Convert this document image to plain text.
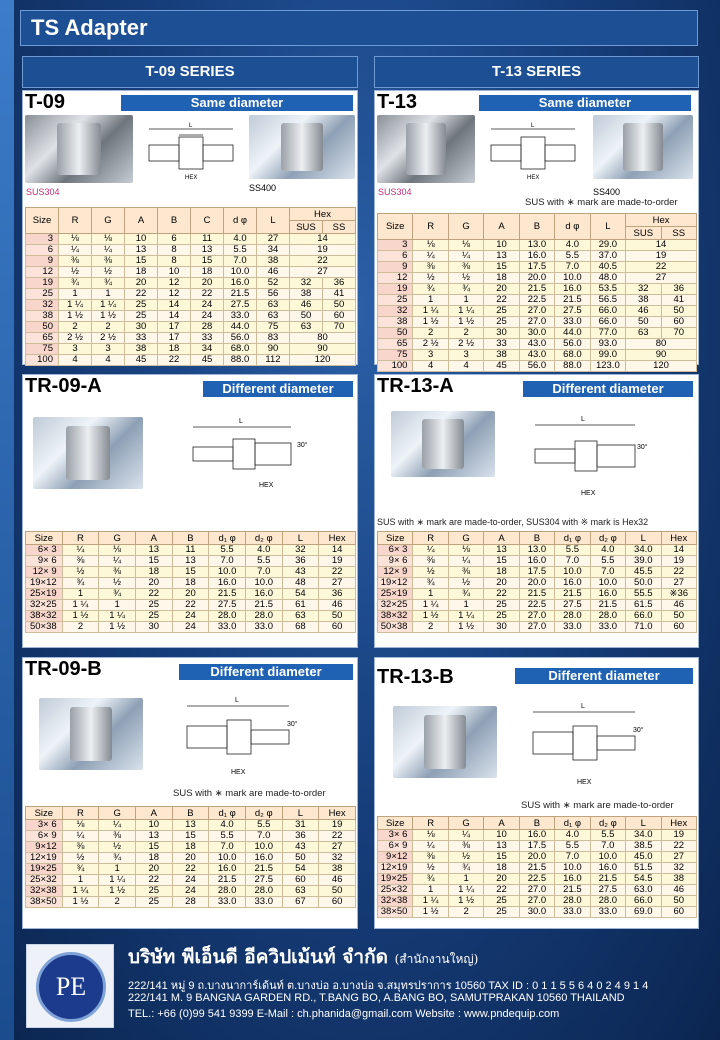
TS Adapter
T-09 SERIES	T-13 SERIES
T-09	Same diameter
L
HEX
SUS304	SS400
Size	R	G	A	B	C	d φ	L	Hex	
								SUS	SS
3	⅛	⅛	10	6	11	4.0	27	14	
6	¼	¼	13	8	13	5.5	34	19	
9	⅜	⅜	15	8	15	7.0	38	22	
12	½	½	18	10	18	10.0	46	27	
19	¾	¾	20	12	20	16.0	52	32	36
25	1	1	22	12	22	21.5	56	38	41
32	1 ¼	1 ¼	25	14	24	27.5	63	46	50
38	1 ½	1 ½	25	14	24	33.0	63	50	60
50	2	2	30	17	28	44.0	75	63	70
65	2 ½	2 ½	33	17	33	56.0	83	80	
75	3	3	38	18	34	68.0	90	90	
100	4	4	45	22	45	88.0	112	120	
T-13	Same diameter
L
HEX
SUS304	SS400
SUS with ∗ mark are made-to-order
Size	R	G	A	B	d φ	L	Hex	
							SUS	SS
3	⅛	⅛	10	13.0	4.0	29.0	14	
6	¼	¼	13	16.0	5.5	37.0	19	
9	⅜	⅜	15	17.5	7.0	40.5	22	
12	½	½	18	20.0	10.0	48.0	27	
19	¾	¾	20	21.5	16.0	53.5	32	36
25	1	1	22	22.5	21.5	56.5	38	41
32	1 ¼	1 ¼	25	27.0	27.5	66.0	46	50
38	1 ½	1 ½	25	27.0	33.0	66.0	50	60
50	2	2	30	30.0	44.0	77.0	63	70
65	2 ½	2 ½	33	43.0	56.0	93.0	80	
75	3	3	38	43.0	68.0	99.0	90	
100	4	4	45	56.0	88.0	123.0	120	
TR-09-A	Different diameter
L
HEX
30°
Size	R	G	A	B	d₁ φ	d₂ φ	L	Hex
6× 3	¼	⅛	13	11	5.5	4.0	32	14
9× 6	⅜	¼	15	13	7.0	5.5	36	19
12× 9	½	⅜	18	15	10.0	7.0	43	22
19×12	¾	½	20	18	16.0	10.0	48	27
25×19	1	¾	22	20	21.5	16.0	54	36
32×25	1 ¼	1	25	22	27.5	21.5	61	46
38×32	1 ½	1 ¼	25	24	28.0	28.0	63	50
50×38	2	1 ½	30	24	33.0	33.0	68	60
TR-13-A	Different diameter
L
HEX
30°
SUS with ∗ mark are made-to-order, SUS304 with ※ mark is Hex32
Size	R	G	A	B	d₁ φ	d₂ φ	L	Hex
6× 3	¼	⅛	13	13.0	5.5	4.0	34.0	14
9× 6	⅜	¼	15	16.0	7.0	5.5	39.0	19
12× 9	½	⅜	18	17.5	10.0	7.0	45.5	22
19×12	¾	½	20	20.0	16.0	10.0	50.0	27
25×19	1	¾	22	21.5	21.5	16.0	55.5	※36
32×25	1 ¼	1	25	22.5	27.5	21.5	61.5	46
38×32	1 ½	1 ¼	25	27.0	28.0	28.0	66.0	50
50×38	2	1 ½	30	27.0	33.0	33.0	71.0	60
TR-09-B	Different diameter
L
HEX
30°
SUS with ∗ mark are made-to-order
Size	R	G	A	B	d₁ φ	d₂ φ	L	Hex
3× 6	⅛	¼	10	13	4.0	5.5	31	19
6× 9	¼	⅜	13	15	5.5	7.0	36	22
9×12	⅜	½	15	18	7.0	10.0	43	27
12×19	½	¾	18	20	10.0	16.0	50	32
19×25	¾	1	20	22	16.0	21.5	54	38
25×32	1	1 ¼	22	24	21.5	27.5	60	46
32×38	1 ¼	1 ½	25	24	28.0	28.0	63	50
38×50	1 ½	2	25	28	33.0	33.0	67	60
TR-13-B	Different diameter
L
HEX
30°
SUS with ∗ mark are made-to-order
Size	R	G	A	B	d₁ φ	d₂ φ	L	Hex
3× 6	⅛	¼	10	16.0	4.0	5.5	34.0	19
6× 9	¼	⅜	13	17.5	5.5	7.0	38.5	22
9×12	⅜	½	15	20.0	7.0	10.0	45.0	27
12×19	½	¾	18	21.5	10.0	16.0	51.5	32
19×25	¾	1	20	22.5	16.0	21.5	54.5	38
25×32	1	1 ¼	22	27.0	21.5	27.5	63.0	46
32×38	1 ¼	1 ½	25	27.0	28.0	28.0	66.0	50
38×50	1 ½	2	25	30.0	33.0	33.0	69.0	60
PE
บริษัท พีเอ็นดี อีควิปเม้นท์ จำกัด (สำนักงานใหญ่)
222/141 หมู่ 9 ถ.บางนาการ์เด้นท์ ต.บางบ่อ อ.บางบ่อ จ.สมุทรปราการ 10560 TAX ID : 0 1 1 5 5 6 4 0 2 4 9 1 4
222/141 M. 9 BANGNA GARDEN RD., T.BANG BO, A.BANG BO, SAMUTPRAKAN 10560 THAILAND
TEL.: +66 (0)99 541 9399 E-Mail : ch.phanida@gmail.com Website : www.pndequip.com
